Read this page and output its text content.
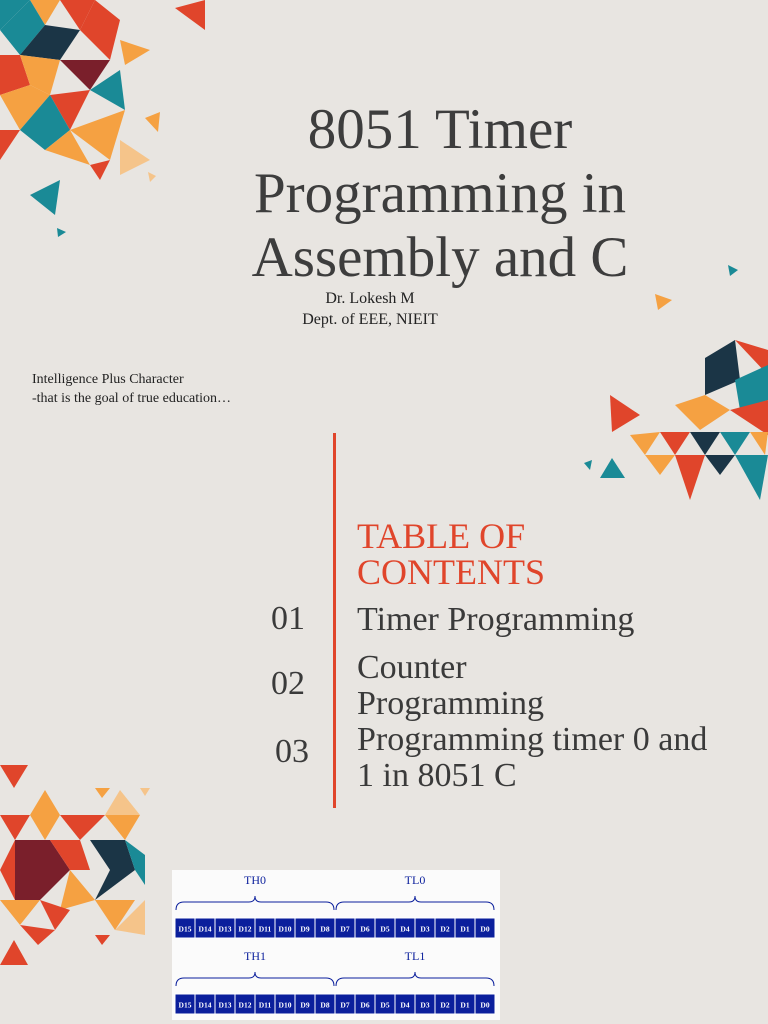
8051 Timer
Programming in
Assembly and C
Dr. Lokesh M
Dept. of EEE, NIEIT
Intelligence Plus Character
-that is the goal of true education…
TABLE OF
CONTENTS
01 Timer Programming
02 Counter
Programming
03 Programming timer 0 and
1 in 8051 C
TH0	TL0
D15 D14 D13 D12 D11 D10 D9 D8 D7 D6 D5 D4 D3 D2 D1 D0
TH1	TL1
D15 D14 D13 D12 D11 D10 D9 D8 D7 D6 D5 D4 D3 D2 D1 D0
